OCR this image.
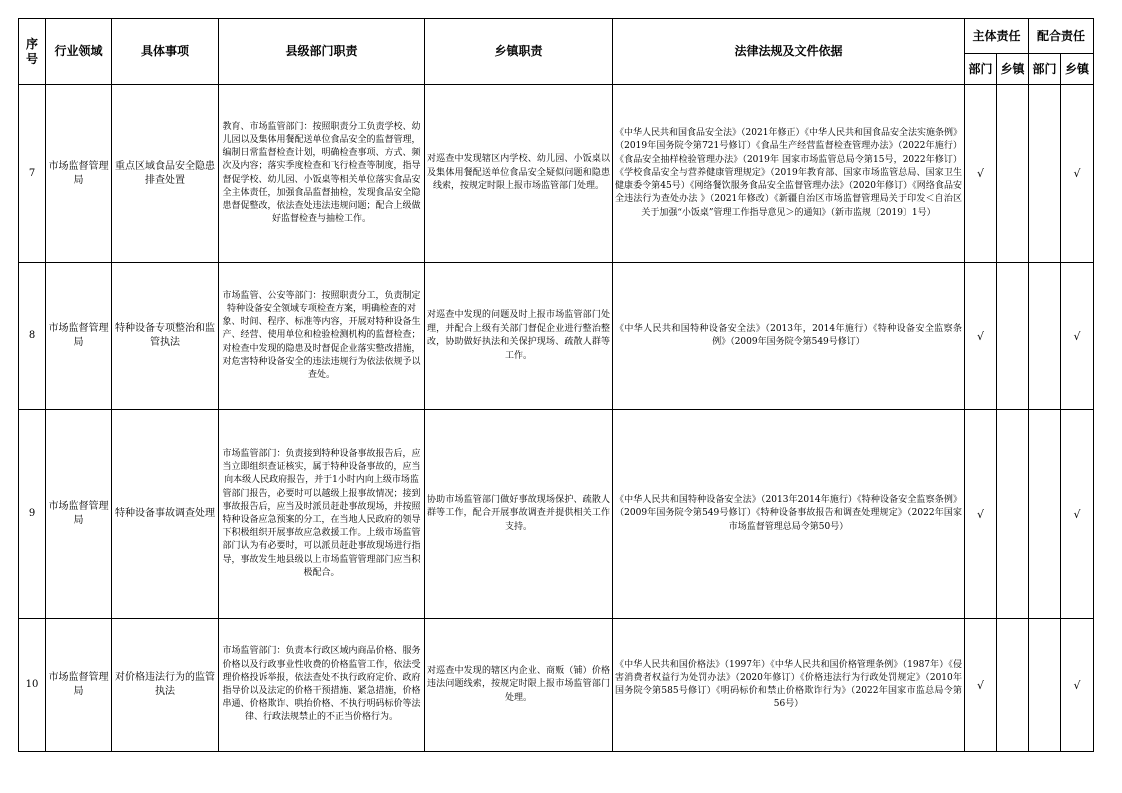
序号	行业领域	具体事项	县级部门职责	乡镇职责	法律法规及文件依据	主体责任		配合责任	
						部门	乡镇	部门	乡镇
7	市场监督管理局	重点区域食品安全隐患排查处置	教育、市场监管部门：按照职责分工负责学校、幼儿园以及集体用餐配送单位食品安全的监督管理，编制日常监督检查计划，明确检查事项、方式、频次及内容；落实季度检查和飞行检查等制度，指导督促学校、幼儿园、小饭桌等相关单位落实食品安全主体责任，加强食品监督抽检，发现食品安全隐患督促整改，依法查处违法违规问题；配合上级做好监督检查与抽检工作。	对巡查中发现辖区内学校、幼儿园、小饭桌以及集体用餐配送单位食品安全疑似问题和隐患线索，按规定时限上报市场监管部门处理。	《中华人民共和国食品安全法》（2021年修正）《中华人民共和国食品安全法实施条例》（2019年国务院令第721号修订）《食品生产经营监督检查管理办法》（2022年施行）《食品安全抽样检验管理办法》（2019年 国家市场监管总局令第15号，2022年修订）《学校食品安全与营养健康管理规定》（2019年教育部、国家市场监管总局、国家卫生健康委令第45号）《网络餐饮服务食品安全监督管理办法》（2020年修订）《网络食品安全违法行为查处办法 》（2021年修改）《新疆自治区市场监督管理局关于印发＜自治区关于加强“小饭桌”管理工作指导意见＞的通知》（新市监规〔2019〕1号）	√			√
8	市场监督管理局	特种设备专项整治和监管执法	市场监管、公安等部门：按照职责分工，负责制定特种设备安全领域专项检查方案，明确检查的对象、时间、程序、标准等内容，开展对特种设备生产、经营、使用单位和检验检测机构的监督检查；对检查中发现的隐患及时督促企业落实整改措施，对危害特种设备安全的违法违规行为依法依规予以查处。	对巡查中发现的问题及时上报市场监管部门处理，并配合上级有关部门督促企业进行整治整改，协助做好执法和关保护现场、疏散人群等工作。	《中华人民共和国特种设备安全法》（2013年，2014年施行）《特种设备安全监察条例》（2009年国务院令第549号修订）	√			√
9	市场监督管理局	特种设备事故调查处理	市场监管部门：负责接到特种设备事故报告后，应当立即组织查证核实，属于特种设备事故的，应当向本级人民政府报告，并于1小时内向上级市场监管部门报告，必要时可以越级上报事故情况；接到事故报告后，应当及时派员赶赴事故现场，并按照特种设备应急预案的分工，在当地人民政府的领导下积极组织开展事故应急救援工作。上级市场监管部门认为有必要时，可以派员赶赴事故现场进行指导，事故发生地县级以上市场监管管理部门应当积极配合。	协助市场监管部门做好事故现场保护、疏散人群等工作，配合开展事故调查并提供相关工作支持。	《中华人民共和国特种设备安全法》（2013年2014年施行）《特种设备安全监察条例》（2009年国务院令第549号修订）《特种设备事故报告和调查处理规定》（2022年国家市场监督管理总局令第50号）	√			√
10	市场监督管理局	对价格违法行为的监管执法	市场监管部门：负责本行政区域内商品价格、服务价格以及行政事业性收费的价格监管工作，依法受理价格投诉举报，依法查处不执行政府定价、政府指导价以及法定的价格干预措施、紧急措施，价格串通、价格欺诈、哄抬价格、不执行明码标价等法律、行政法规禁止的不正当价格行为。	对巡查中发现的辖区内企业、商贩（铺）价格违法问题线索，按规定时限上报市场监管部门处理。	《中华人民共和国价格法》（1997年）《中华人民共和国价格管理条例》（1987年）《侵害消费者权益行为处罚办法》（2020年修订）《价格违法行为行政处罚规定》（2010年国务院令第585号修订）《明码标价和禁止价格欺诈行为》（2022年国家市监总局令第56号）	√			√
